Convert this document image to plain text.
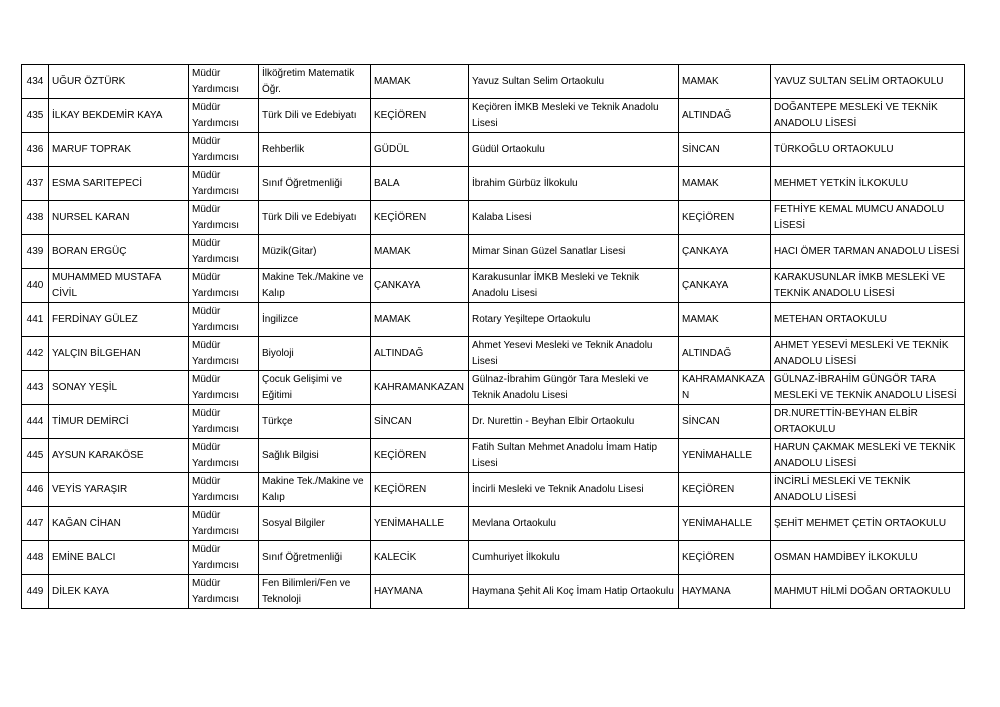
434	UĞUR ÖZTÜRK	Müdür Yardımcısı	İlköğretim Matematik Öğr.	MAMAK	Yavuz Sultan Selim Ortaokulu	MAMAK	YAVUZ SULTAN SELİM ORTAOKULU
435	İLKAY BEKDEMİR KAYA	Müdür Yardımcısı	Türk Dili ve Edebiyatı	KEÇİÖREN	Keçiören İMKB Mesleki ve Teknik Anadolu Lisesi	ALTINDAĞ	DOĞANTEPE MESLEKİ VE TEKNİK ANADOLU LİSESİ
436	MARUF TOPRAK	Müdür Yardımcısı	Rehberlik	GÜDÜL	Güdül Ortaokulu	SİNCAN	TÜRKOĞLU ORTAOKULU
437	ESMA SARITEPECİ	Müdür Yardımcısı	Sınıf Öğretmenliği	BALA	İbrahim Gürbüz İlkokulu	MAMAK	MEHMET YETKİN İLKOKULU
438	NURSEL KARAN	Müdür Yardımcısı	Türk Dili ve Edebiyatı	KEÇİÖREN	Kalaba Lisesi	KEÇİÖREN	FETHİYE KEMAL MUMCU ANADOLU LİSESİ
439	BORAN ERGÜÇ	Müdür Yardımcısı	Müzik(Gitar)	MAMAK	Mimar Sinan Güzel Sanatlar Lisesi	ÇANKAYA	HACI ÖMER TARMAN ANADOLU LİSESİ
440	MUHAMMED MUSTAFA CİVİL	Müdür Yardımcısı	Makine Tek./Makine ve Kalıp	ÇANKAYA	Karakusunlar İMKB Mesleki ve Teknik Anadolu Lisesi	ÇANKAYA	KARAKUSUNLAR İMKB MESLEKİ VE TEKNİK ANADOLU LİSESİ
441	FERDİNAY GÜLEZ	Müdür Yardımcısı	İngilizce	MAMAK	Rotary Yeşiltepe Ortaokulu	MAMAK	METEHAN ORTAOKULU
442	YALÇIN BİLGEHAN	Müdür Yardımcısı	Biyoloji	ALTINDAĞ	Ahmet Yesevi Mesleki ve Teknik Anadolu Lisesi	ALTINDAĞ	AHMET YESEVİ MESLEKİ VE TEKNİK ANADOLU LİSESİ
443	SONAY YEŞİL	Müdür Yardımcısı	Çocuk Gelişimi ve Eğitimi	KAHRAMANKAZAN	Gülnaz-İbrahim Güngör Tara Mesleki ve Teknik Anadolu Lisesi	KAHRAMANKAZAN	GÜLNAZ-İBRAHİM GÜNGÖR TARA MESLEKİ VE TEKNİK ANADOLU LİSESİ
444	TİMUR DEMİRCİ	Müdür Yardımcısı	Türkçe	SİNCAN	Dr. Nurettin - Beyhan Elbir Ortaokulu	SİNCAN	DR.NURETTİN-BEYHAN ELBİR ORTAOKULU
445	AYSUN KARAKÖSE	Müdür Yardımcısı	Sağlık Bilgisi	KEÇİÖREN	Fatih Sultan Mehmet Anadolu İmam Hatip Lisesi	YENİMAHALLE	HARUN ÇAKMAK MESLEKİ VE TEKNİK ANADOLU LİSESİ
446	VEYİS YARAŞIR	Müdür Yardımcısı	Makine Tek./Makine ve Kalıp	KEÇİÖREN	İncirli Mesleki ve Teknik Anadolu Lisesi	KEÇİÖREN	İNCİRLİ MESLEKİ VE TEKNİK ANADOLU LİSESİ
447	KAĞAN CİHAN	Müdür Yardımcısı	Sosyal Bilgiler	YENİMAHALLE	Mevlana Ortaokulu	YENİMAHALLE	ŞEHİT MEHMET ÇETİN ORTAOKULU
448	EMİNE BALCI	Müdür Yardımcısı	Sınıf Öğretmenliği	KALECİK	Cumhuriyet İlkokulu	KEÇİÖREN	OSMAN HAMDİBEY İLKOKULU
449	DİLEK KAYA	Müdür Yardımcısı	Fen Bilimleri/Fen ve Teknoloji	HAYMANA	Haymana Şehit Ali Koç İmam Hatip Ortaokulu	HAYMANA	MAHMUT HİLMİ DOĞAN ORTAOKULU
